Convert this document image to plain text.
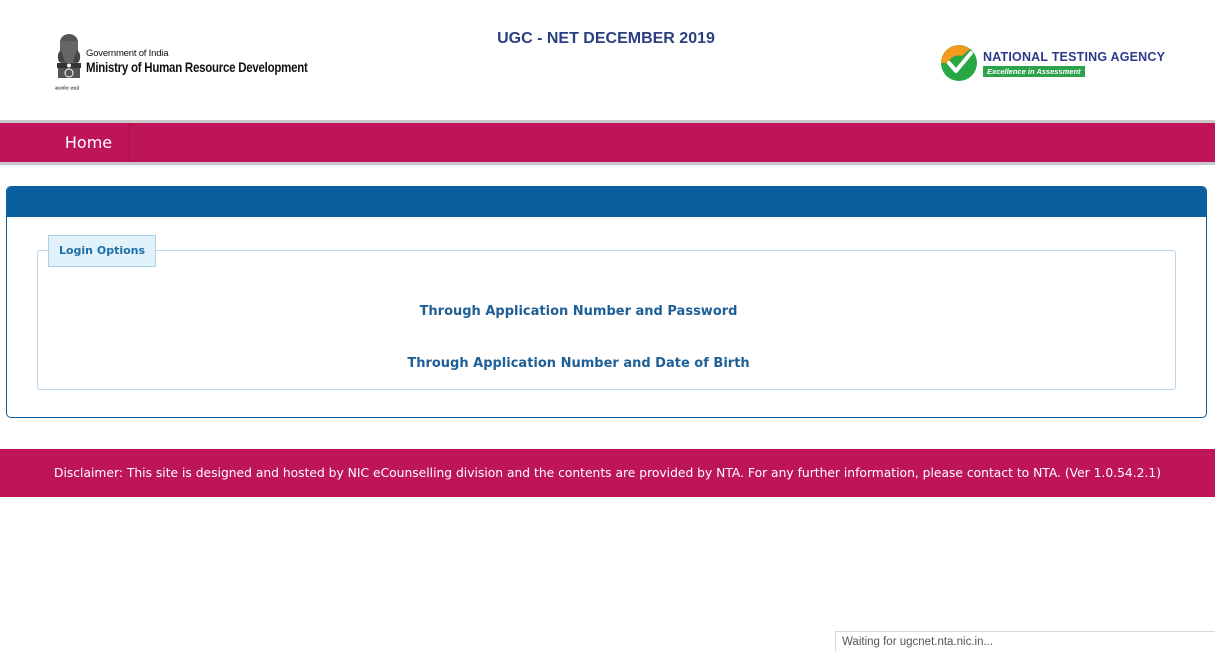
सत्यमेव जयते
Government of India
Ministry of Human Resource Development
UGC - NET DECEMBER 2019
NATIONAL TESTING AGENCY
Excellence in Assessment
Home
Login Options
Through Application Number and Password
Through Application Number and Date of Birth
Disclaimer: This site is designed and hosted by NIC eCounselling division and the contents are provided by NTA. For any further information, please contact to NTA. (Ver 1.0.54.2.1)
Waiting for ugcnet.nta.nic.in...
